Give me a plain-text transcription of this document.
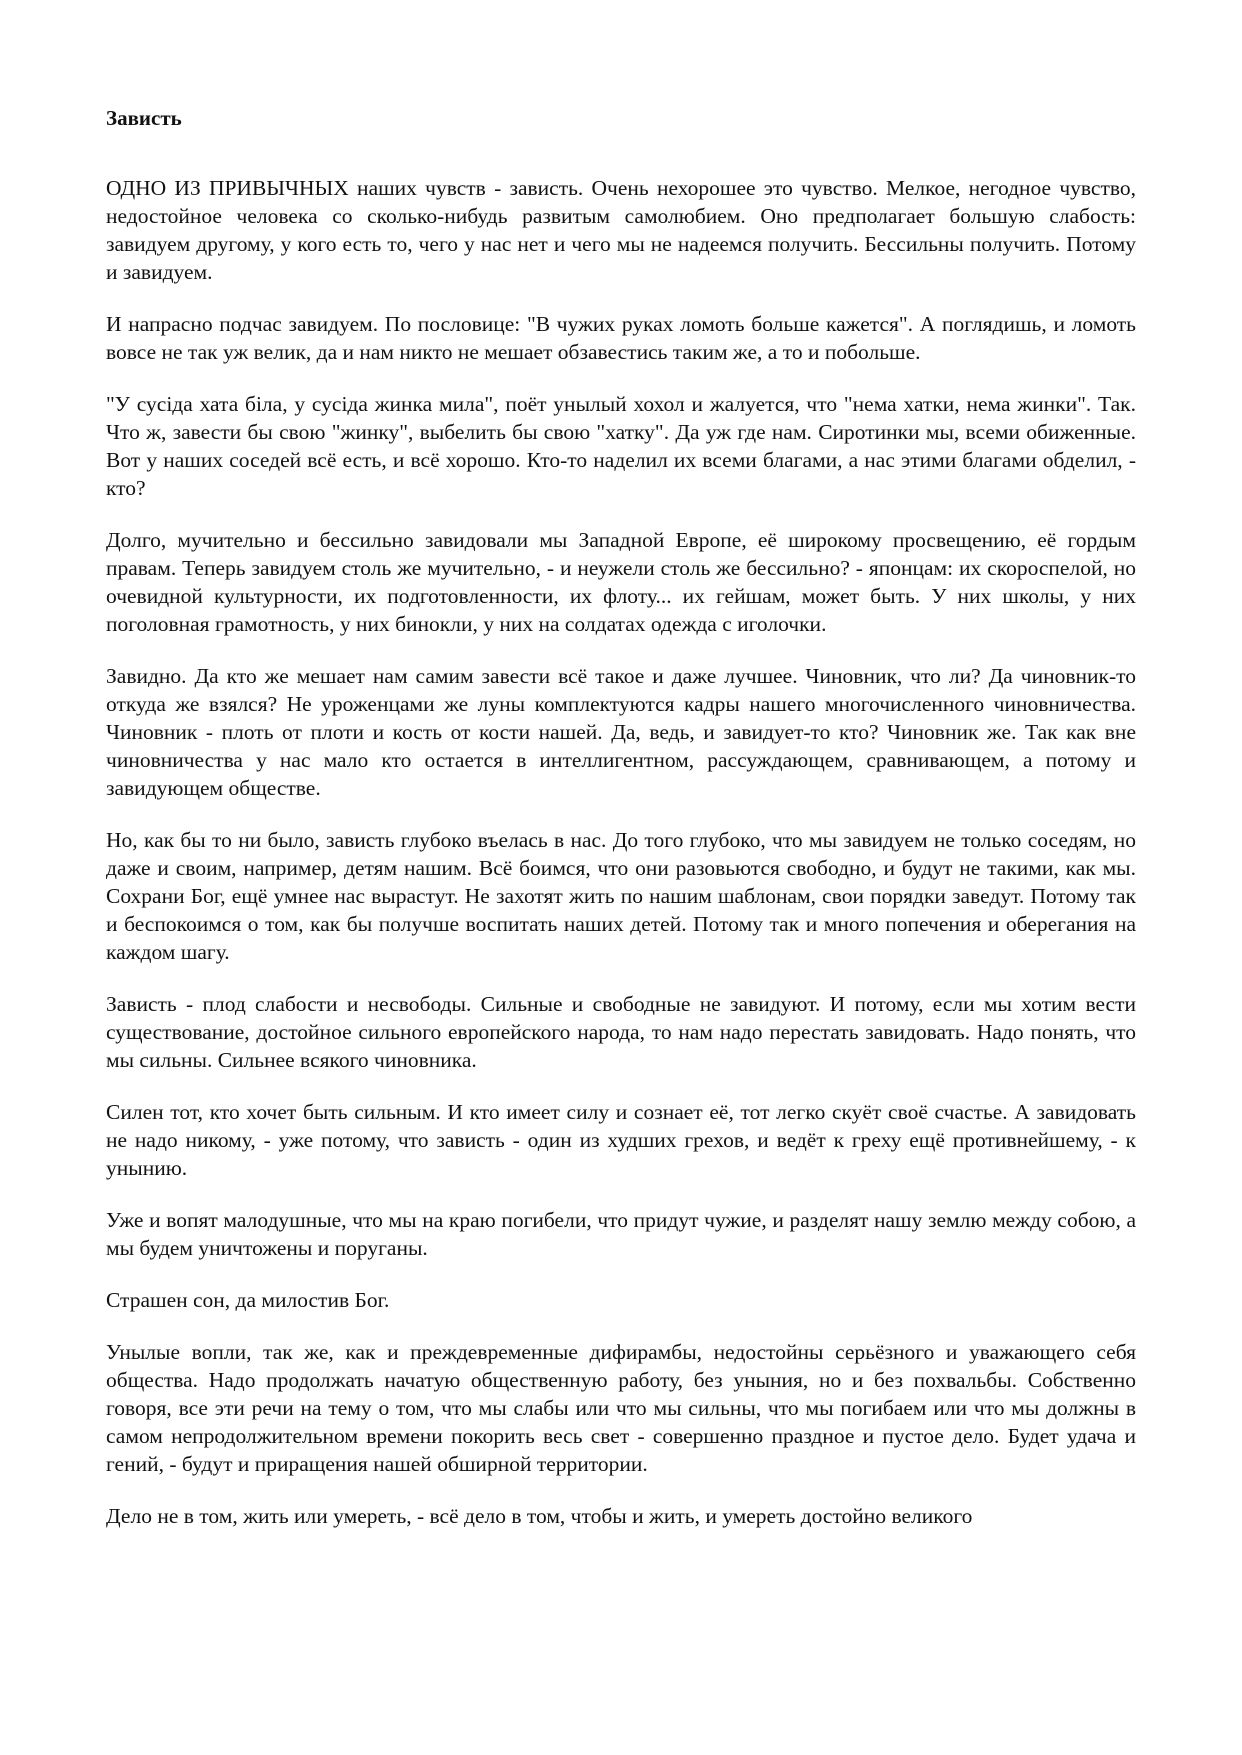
Зависть

ОДНО ИЗ ПРИВЫЧНЫХ наших чувств - зависть. Очень нехорошее это чувство. Мелкое, негодное чувство, недостойное человека со сколько-нибудь развитым самолюбием. Оно предполагает большую слабость: завидуем другому, у кого есть то, чего у нас нет и чего мы не надеемся получить. Бессильны получить. Потому и завидуем.

И напрасно подчас завидуем. По пословице: "В чужих руках ломоть больше кажется". А поглядишь, и ломоть вовсе не так уж велик, да и нам никто не мешает обзавестись таким же, а то и побольше.

"У сусіда хата біла, у сусіда жинка мила", поёт унылый хохол и жалуется, что "нема хатки, нема жинки". Так. Что ж, завести бы свою "жинку", выбелить бы свою "хатку". Да уж где нам. Сиротинки мы, всеми обиженные. Вот у наших соседей всё есть, и всё хорошо. Кто-то наделил их всеми благами, а нас этими благами обделил, - кто?

Долго, мучительно и бессильно завидовали мы Западной Европе, её широкому просвещению, её гордым правам. Теперь завидуем столь же мучительно, - и неужели столь же бессильно? - японцам: их скороспелой, но очевидной культурности, их подготовленности, их флоту... их гейшам, может быть. У них школы, у них поголовная грамотность, у них бинокли, у них на солдатах одежда с иголочки.

Завидно. Да кто же мешает нам самим завести всё такое и даже лучшее. Чиновник, что ли? Да чиновник-то откуда же взялся? Не уроженцами же луны комплектуются кадры нашего многочисленного чиновничества. Чиновник - плоть от плоти и кость от кости нашей. Да, ведь, и завидует-то кто? Чиновник же. Так как вне чиновничества у нас мало кто остается в интеллигентном, рассуждающем, сравнивающем, а потому и завидующем обществе.

Но, как бы то ни было, зависть глубоко въелась в нас. До того глубоко, что мы завидуем не только соседям, но даже и своим, например, детям нашим. Всё боимся, что они разовьются свободно, и будут не такими, как мы. Сохрани Бог, ещё умнее нас вырастут. Не захотят жить по нашим шаблонам, свои порядки заведут. Потому так и беспокоимся о том, как бы получше воспитать наших детей. Потому так и много попечения и оберегания на каждом шагу.

Зависть - плод слабости и несвободы. Сильные и свободные не завидуют. И потому, если мы хотим вести существование, достойное сильного европейского народа, то нам надо перестать завидовать. Надо понять, что мы сильны. Сильнее всякого чиновника.

Силен тот, кто хочет быть сильным. И кто имеет силу и сознает её, тот легко скуёт своё счастье. А завидовать не надо никому, - уже потому, что зависть - один из худших грехов, и ведёт к греху ещё противнейшему, - к унынию.

Уже и вопят малодушные, что мы на краю погибели, что придут чужие, и разделят нашу землю между собою, а мы будем уничтожены и поруганы.

Страшен сон, да милостив Бог.

Унылые вопли, так же, как и преждевременные дифирамбы, недостойны серьёзного и уважающего себя общества. Надо продолжать начатую общественную работу, без уныния, но и без похвальбы. Собственно говоря, все эти речи на тему о том, что мы слабы или что мы сильны, что мы погибаем или что мы должны в самом непродолжительном времени покорить весь свет - совершенно праздное и пустое дело. Будет удача и гений, - будут и приращения нашей обширной территории.

Дело не в том, жить или умереть, - всё дело в том, чтобы и жить, и умереть достойно великого
